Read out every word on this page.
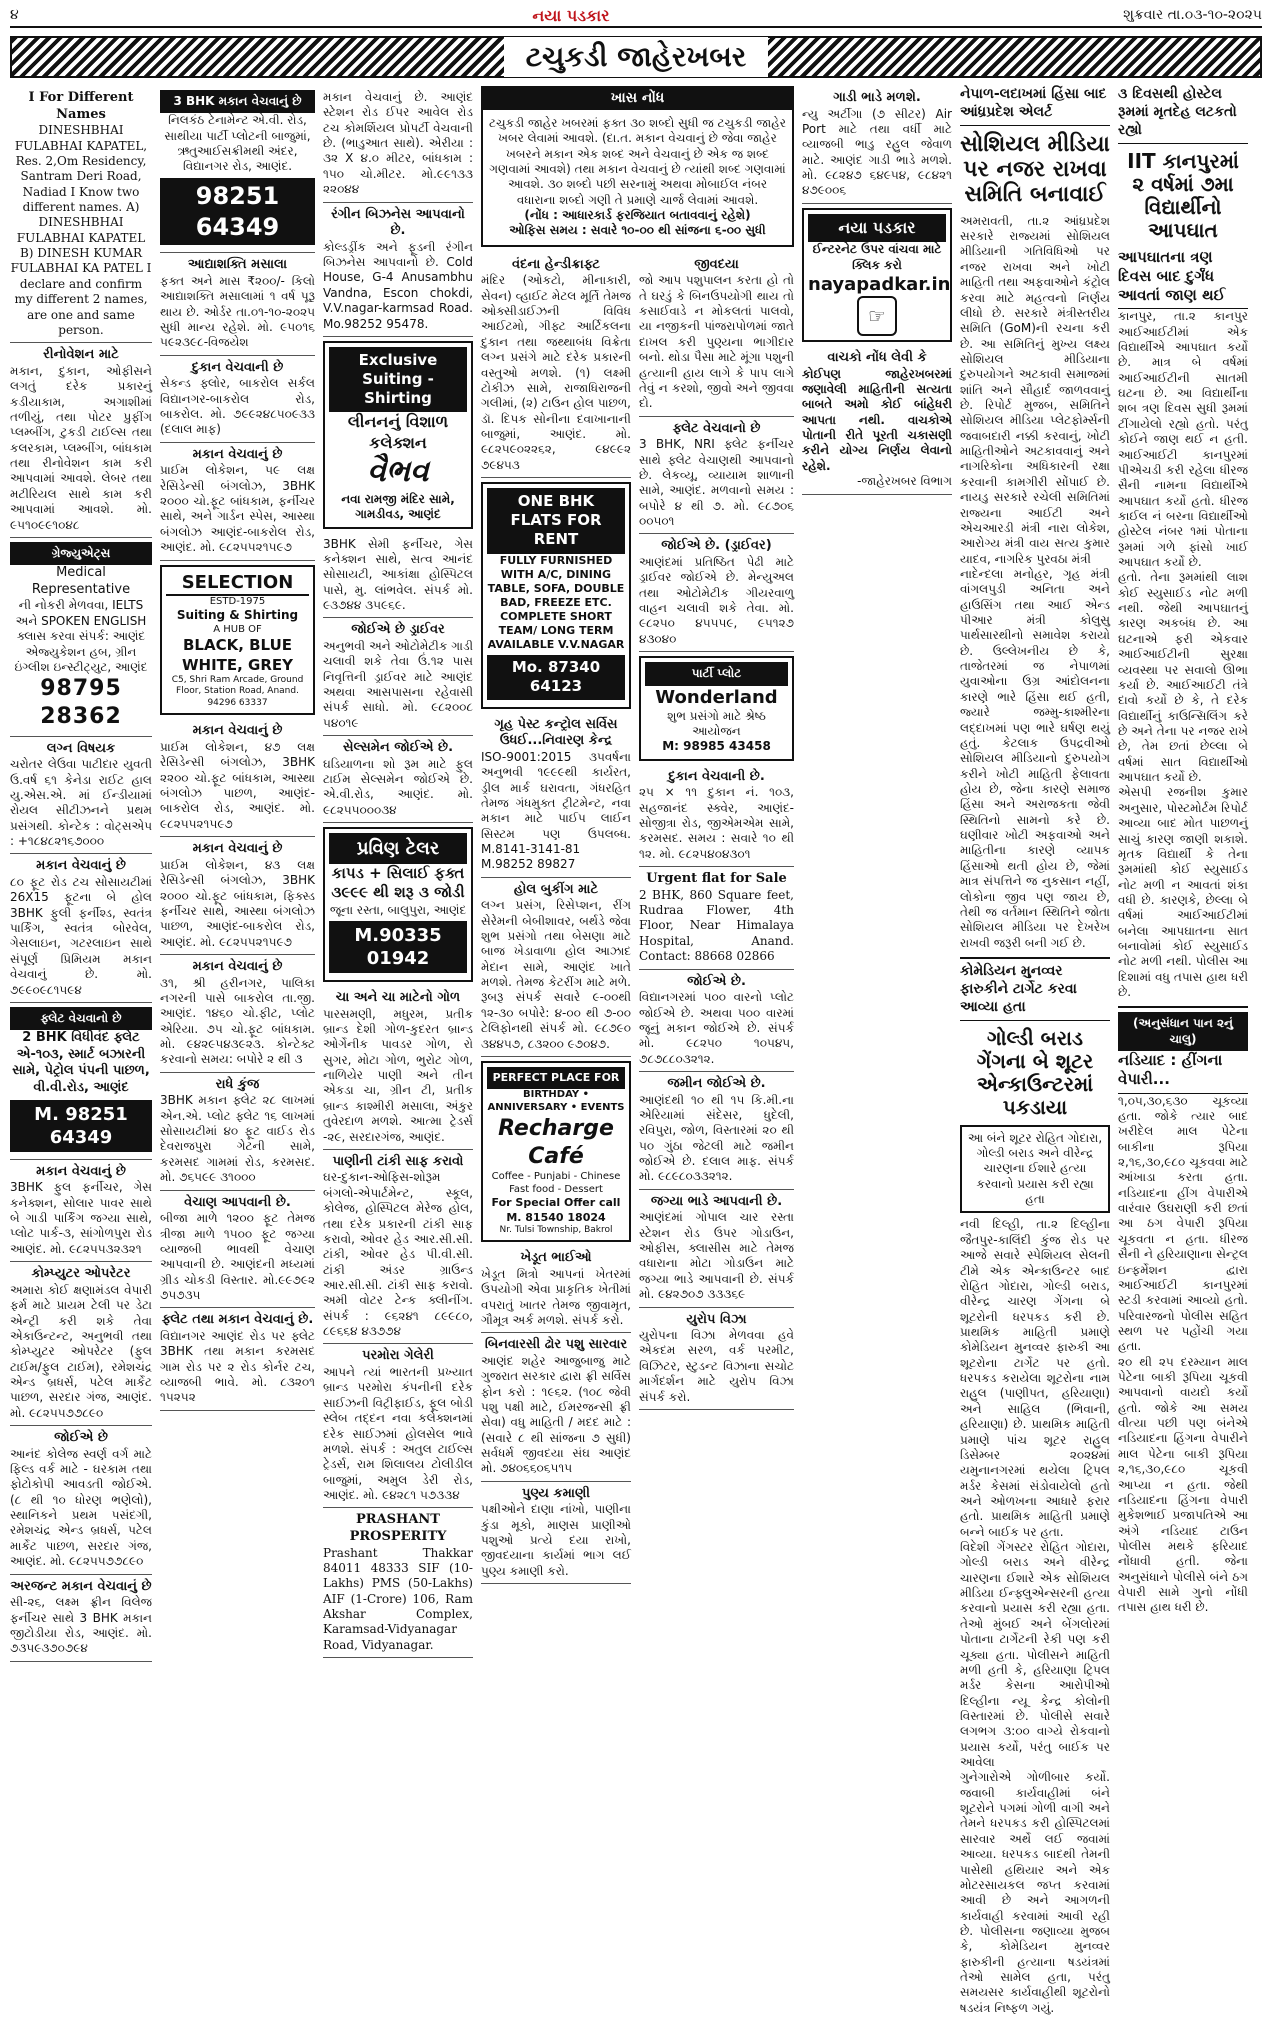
૪	નયા પડકાર	શુક્રવાર તા.૦૩-૧૦-૨૦૨૫
ટચુકડી જાહેરખબર
I For Different Names
DINESHBHAI FULABHAI KAPATEL, Res. 2,Om Residency, Santram Deri Road, Nadiad I Know two different names. A) DINESHBHAI FULABHAI KAPATEL B) DINESH KUMAR FULABHAI KA PATEL I declare and confirm my different 2 names, are one and same person.
રીનોવેશન માટે
મકાન, દુકાન, ઓફીસને લગતું દરેક પ્રકારનું કડીયાકામ, અગાશીમાં તળીયું, તથા પોટર પ્રુફીંગ પ્લમ્બીંગ, ટુકડી ટાઈલ્સ તથા કલરકામ, પ્લમ્બીંગ, બાંધકામ તથા રીનોવેશન કામ કરી આપવામાં આવશે. લેબર તથા મટીરિયલ સાથે કામ કરી આપવામાં આવશે. મો. ૯૫૧૦૯૯૧૦૪૮
ગ્રેજ્યુએટ્સ
Medical Representative
ની નોકરી મેળવવા, IELTS અને SPOKEN ENGLISH ક્લાસ કરવા સંપર્ક: આણંદ એજ્યુકેશન હબ, ગ્રીન ઇંગ્લીશ ઇન્સ્ટીટ્યુટ, આણંદ
98795 28362
લગ્ન વિષયક
ચરોતર લેઉવા પાટીદાર યુવતી ઉ.વર્ષ ૬૧ કેનેડા રાઈટ હાલ યુ.એસ.એ. માં ઈન્ડીયામાં રોયલ સીટીઝનને પ્રથમ પ્રસંગથી. કોન્ટેક : વોટ્સએપ : +૧૮૪૮૨૧૬૭૦૦૦
મકાન વેચવાનું છે
૮૦ ફૂટ રોડ ટચ સોસાયટીમાં 26X15 ફૂટના બે હોલ 3BHK ફુલી ફર્નીશ્ડ, સ્વતંત્ર પાર્કિંગ, સ્વતંત્ર બોરવેલ, ગેસલાઇન, ગટરલાઇન સાથે સંપૂર્ણ પ્રિમિયમ મકાન વેચવાનું છે. મો. ૭૯૯૦૯૮૧૫૯૪
ફ્લેટ વેચવાનો છે
2 BHK વિધીવંદ ફ્લેટ એ-૧૦૩, સ્માર્ટ બઝારની સામે, પેટ્રોલ પંપની પાછળ, વી.વી.રોડ, આણંદ
M. 98251 64349
મકાન વેચવાનું છે
3BHK ફુલ ફર્નીચર, ગેસ કનેક્શન, સોલાર પાવર સાથે બે ગાડી પાર્કિંગ જગ્યા સાથે, પ્લોટ પાર્ક-૩, સાંગોળપુરા રોડ આણંદ. મો. ૯૮૨૫૫૩૨૩૨૧
કોમ્પ્યુટર ઓપરેટર
અમારા કોઈ ક્ષણામંડલ વેપારી ફર્મ માટે પ્રાયમ ટેલી પર ડેટા એન્ટ્રી કરી શકે તેવા એકાઉન્ટન્ટ, અનુભવી તથા કોમ્પ્યુટર ઓપરેટર (ફુલ ટાઈમ/ફુલ ટાઈમ), રમેશચંદ્ર એન્ડ બ્રધર્સ, પટેલ માર્કેટ પાછળ, સરદાર ગંજ, આણંદ. મો. ૯૮૨૫૫૭૭૮૯૦
જોઈએ છે
આનંદ કોલેજ સ્વર્ણ વર્ગ માટે ફિલ્ડ વર્ક માટે - ઘરકામ તથા ફોટોકોપી આવડતી જોઈએ. (૮ થી ૧૦ ધોરણ ભણેલો), સ્થાનિકને પ્રથમ પસંદગી, રમેશચંદ્ર એન્ડ બ્રધર્સ, પટેલ માર્કેટ પાછળ, સરદાર ગંજ, આણંદ. મો. ૯૮૨૫૫૭૭૮૯૦
અરજન્ટ મકાન વેચવાનું છે
સી-૨૬, લક્ષ્મ ફ્રીન વિલેજ ફર્નીચર સાથે 3 BHK મકાન જીટોડીયા રોડ, આણંદ. મો. ૭૩૫૯૩૭૦૭૯૪
3 BHK મકાન વેચવાનું છે
નિલકંઠ ટેનામેન્ટ એ.વી. રોડ, સાથીયા પાર્ટી પ્લોટની બાજુમાં, ઋતુઆઈસક્રીમથી અંદર, વિદ્યાનગર રોડ, આણંદ.
98251 64349
આદ્યાશક્તિ મસાલા
ફક્ત અને માસ ₹૨૦૦/- કિલો આદ્યાશક્તિ મસાલામાં ૧ વર્ષ પૂરૂ થાય છે. ઓર્ડર તા.૦૧-૧૦-૨૦૨૫ સુધી માન્ય રહેશે. મો. ૯૫૦૧૬ ૫૯૨૩૯૮-વિજયેશ
દુકાન વેચવાની છે
સેકન્ડ ફ્લોર, બાકરોલ સર્કલ વિદ્યાનગર-બાકરોલ રોડ, બાકરોલ. મો. ૭૯૯૨૪૮૫૦૯૩૩ (દલાલ માફ)
મકાન વેચવાનું છે
પ્રાઈમ લોકેશન, ૫૯ લક્ષ રેસિડેન્સી બંગલોઝ, 3BHK ૨૦૦૦ ચો.ફૂટ બાંધકામ, ફર્નીચર સાથે, અને ગાર્ડન સ્પેસ, આસ્થા બંગલોઝ આણંદ-બાકરોલ રોડ, આણંદ. મો. ૯૮૨૫૫૨૧૫૯૭
SELECTION
ESTD-1975
Suiting & Shirting
A HUB OF
BLACK, BLUE WHITE, GREY
C5, Shri Ram Arcade, Ground Floor, Station Road, Anand. 94296 63337
મકાન વેચવાનું છે
પ્રાઈમ લોકેશન, ૪૭ લક્ષ રેસિડેન્સી બંગલોઝ, 3BHK ૨૨૦૦ ચો.ફૂટ બાંધકામ, આસ્થા બંગલોઝ પાછળ, આણંદ-બાકરોલ રોડ, આણંદ. મો. ૯૮૨૫૫૨૧૫૯૭
મકાન વેચવાનું છે
પ્રાઈમ લોકેશન, ૪૩ લક્ષ રેસિડેન્સી બંગલોઝ, 3BHK ૨૦૦૦ ચો.ફૂટ બાંધકામ, ફિક્સ્ડ ફર્નીચર સાથે, આસ્થા બંગલોઝ પાછળ, આણંદ-બાકરોલ રોડ, આણંદ. મો. ૯૮૨૫૫૨૧૫૯૭
મકાન વેચવાનું છે
૩૧, શ્રી હરીનગર, પાલિકા નગરની પાસે બાકરોલ તા.જી. આણંદ. ૧૪૬૦ ચો.ફીટ, પ્લોટ એરિયા. ૭૫ ચો.ફૂટ બાંધકામ. મો. ૯૪૨૯૫૪૩૯૨૩. કોન્ટેક્ટ કરવાનો સમય: બપોરે ૨ થી ૩
રાધે કુંજ
3BHK મકાન ફ્લેટ ૨૮ લાખમાં એન.એ. પ્લોટ ફ્લેટ ૧૬ લાખમાં સોસાયટીમાં ૪૦ ફૂટ વાઈડ રોડ દેવરાજપુરા ગેટની સામે, કરમસદ ગામમાં રોડ, કરમસદ. મો. ૭૬૫૯૯ ૩૧૦૦૦
વેચાણ આપવાની છે.
બીજા માળે ૧૨૦૦ ફૂટ તેમજ ત્રીજા માળે ૧૫૦૦ ફૂટ જગ્યા વ્યાજબી ભાવથી વેચાણ આપવાની છે. આણંદની મધ્યમાં ગ્રીડ ચોકડી વિસ્તાર. મો.૯૯૭૯૨ ૭૫૭૩૫
ફ્લેટ તથા મકાન વેચવાનું છે.
વિદ્યાનગર આણંદ રોડ પર ફ્લેટ 3BHK તથા મકાન કરમસદ ગામ રોડ પર ૨ રોડ કોર્નર ટચ, વ્યાજબી ભાવે. મો. ૮૩૨૦૧ ૧૫૨૫૨
મકાન વેચવાનું છે. આણંદ સ્ટેશન રોડ ઈપર આવેલ રોડ ટચ કોમર્શિયલ પ્રોપર્ટી વેચવાની છે. (ભાડુઆત સાથે). એરીયા : ૩૨ X ૪.૦ મીટર, બાંધકામ : ૧૫૦ ચો.મીટર. મો.૯૯૧૩૩ ૨૨૦૪૪
રંગીન બિઝનેસ આપવાનો છે.
કોલ્ડડ્રીંક અને ફૂડની રંગીન બિઝનેસ આપવાનો છે. Cold House, G-4 Anusambhu Vandna, Escon chokdi, V.V.nagar-karmsad Road. Mo.98252 95478.
Exclusive Suiting - Shirting
લીનનનું વિશાળ કલેક્શન
વૈભવ
નવા રામજી મંદિર સામે, ગામડીવડ, આણંદ
3BHK સેમી ફર્નીચર, ગેસ કનેક્શન સાથે, સત્વ આનંદ સોસાયટી, આકાંક્ષા હોસ્પિટલ પાસે, મુ. લાંભવેલ. સંપર્ક મો. ૯૩૭૪૪ ૩૫૯૬૯.
જોઈએ છે ડ્રાઈવર
અનુભવી અને ઓટોમેટીક ગાડી ચલાવી શકે તેવા ઉં.૧૨ પાસ નિવૃત્તિની ડ્રાઈવર માટે આણંદ અથવા આસપાસના રહેવાસી સંપર્ક સાધો. મો. ૯૮૨૦૦૮ ૫૪૦૧૯
સેલ્સમેન જોઈએ છે.
ઘડિયાળના શો રૂમ માટે ફુલ ટાઈમ સેલ્સમેન જોઈએ છે. એ.વી.રોડ, આણંદ. મો. ૯૮૨૫૫૦૦૦૩૪
પ્રવિણ ટેલર
કાપડ + સિલાઈ ફક્ત ૩૯૯૯ થી શરૂ ૩ જોડી
જૂના રસ્તા, બાલુપુરા, આણંદ
M.90335 01942
ચા અને ચા માટેનો ગોળ
પારસમણી, મધુરમ, પ્રતીક બ્રાન્ડ દેશી ગોળ-કુદરત બ્રાન્ડ ઓર્ગેનીક પાવડર ગોળ, રો સુગર, મોટા ગોળ, ભુરોટ ગોળ, નાળિયેર પાણી અને તીન એકડા ચા, ગ્રીન ટી, પ્રતીક બ્રાન્ડ કાશ્મીરી મસાલા, અંકુર તુવેરદાળ મળશે. આત્મા ટ્રેડર્સ -૨૯, સરદારગંજ, આણંદ.
પાણીની ટાંકી સાફ કરાવો
ઘર-દુકાન-ઓફિસ-શોરૂમ બંગલો-એપાર્ટમેન્ટ, સ્કૂલ, કોલેજ, હોસ્પિટલ મેરેજ હોલ, તથા દરેક પ્રકારની ટાંકી સાફ કરાવો, ઓવર હેડ આર.સી.સી. ટાંકી, ઓવર હેડ પી.વી.સી. ટાંકી અંડર ગ્રાઉન્ડ આર.સી.સી. ટાંકી સાફ કરાવો. અમી વોટર ટેન્ક ક્લીનીંગ. સંપર્ક : ૯૬૨૪૧ ૮૯૯૮૦, ૮૯૬૬૪ ૪૩૭૭૪
પરમોરા ગેલેરી
આપને ત્યાં ભારતની પ્રખ્યાત બ્રાન્ડ પરમોરા કંપનીની દરેક સાઈઝની વિટ્રીફાઈડ, ફૂલ બોડી સ્લેબ તદ્દન નવા કલેક્શનમાં દરેક સાઈઝમાં હોલસેલ ભાવે મળશે. સંપર્ક : અતુલ ટાઈલ્સ ટ્રેડર્સ, રામ શિલાલય ટોલીડીલ બાજુમાં, અમુલ ડેરી રોડ, આણંદ. મો. ૯૪૨૮૧ ૫૭૩૩૪
PRASHANT PROSPERITY
Prashant Thakkar 84011 48333 SIF (10-Lakhs) PMS (50-Lakhs) AIF (1-Crore) 106, Ram Akshar Complex, Karamsad-Vidyanagar Road, Vidyanagar.
ખાસ નોંધ
ટચુકડી જાહેર ખબરમાં ફક્ત ૩૦ શબ્દો સુધી જ ટચુકડી જાહેર ખબર લેવામાં આવશે. (દા.ત. મકાન વેચવાનું છે જેવા જાહેર ખબરને મકાન એક શબ્દ અને વેચવાનું છે એક જ શબ્દ ગણવામાં આવશે) તથા મકાન વેચવાનું છે ત્યાંથી શબ્દ ગણવામાં આવશે. ૩૦ શબ્દો પછી સરનામું અથવા મોબાઈલ નંબર વધારાના શબ્દો ગણી તે પ્રમાણે ચાર્જ લેવામાં આવશે.
(નોંધ : આધારકાર્ડ ફરજિયાત બતાવવાનું રહેશે)
ઓફિસ સમય : સવારે ૧૦-૦૦ થી સાંજના ૬-૦૦ સુધી
વંદના હેન્ડીક્રાફ્ટ
મંદિર (ઓકટો, મીનાકારી, સેવન) વ્હાઈટ મેટલ મૂર્તિ તેમજ ઓક્સીડાઈઝની વિવિધ આઈટમો, ગીફ્ટ આર્ટિકલના દુકાન તથા જથ્થાબંધ વિક્રેતા લગ્ન પ્રસંગે માટે દરેક પ્રકારની વસ્તુઓ મળશે. (૧) લક્ષ્મી ટોકીઝ સામે, રાજાધિરાજની ગલીમાં, (૨) ટાઉન હોલ પાછળ, ડૉ. દિપક સોનીના દવાખાનાની બાજુમાં, આણંદ. મો. ૯૮૨૫૯૦૨૨૬૨, ૯૪૯૯૨ ૭૯૪૫૩
ONE BHK FLATS FOR RENT
FULLY FURNISHED WITH A/C, DINING TABLE, SOFA, DOUBLE BAD, FREEZE ETC. COMPLETE SHORT TEAM/ LONG TERM AVAILABLE V.V.NAGAR
Mo. 87340 64123
ગૃહ પેસ્ટ કન્ટ્રોલ સર્વિસ ઉધઈ...નિવારણ કેન્દ્ર
ISO-9001:2015 ૩૫વર્ષના અનુભવી ૧૯૯૯થી કાર્યરત, ડ્રીલ માર્ક ઘરાવતા, ગંધરહિત તેમજ ગંધમુક્ત ટ્રીટમેન્ટ, નવા મકાન માટે પાઈપ લાઈન સિસ્ટમ પણ ઉપલબ્ધ. M.8141-3141-81 M.98252 89827
હોલ બુકીંગ માટે
લગ્ન પ્રસંગ, રિસેપ્શન, રીંગ સેરેમની બેબીશાવર, બર્થડે જેવા શુભ પ્રસંગો તથા બેસણા માટે બાજ ખેડાવાળા હોલ આઝાદ મેદાન સામે, આણંદ ખાતે મળશે. તેમજ કેટરીંગ માટે મળે. રૂબરૂ સંપર્ક સવારે ૯-૦૦થી ૧૨-૩૦ બપોરે: ૪-૦૦ થી ૭-૦૦ ટેલિફોનથી સંપર્ક મો. ૯૮૭૯૦ ૩૪૪૫૭, ૮૩૨૦૦ ૯૭૦૪૭.
PERFECT PLACE FOR
BIRTHDAY • ANNIVERSARY • EVENTS
Recharge Café
Coffee - Punjabi - Chinese Fast food - Dessert
For Special Offer call M. 81540 18024
Nr. Tulsi Township, Bakrol
ખેડૂત ભાઈઓ
ખેડૂત મિત્રો આપનાં ખેતરમાં ઉપયોગી એવા પ્રાકૃતિક ખેતીમાં વપરાતું ખાતર તેમજ જીવામૃત, ગૌમૂત્ર અર્ક મળશે. સંપર્ક કરો.
બિનવારસી ઢોર પશુ સારવાર
આણંદ શહેર આજુબાજુ માટે ગુજરાત સરકાર દ્વારા ફ્રી સર્વિસ ફોન કરો : ૧૯૬૨. (૧૦૮ જેવી પશુ પક્ષી માટે, ઈમરજન્સી ફ્રી સેવા) વધુ માહિતી / મદદ માટે : (સવારે ૮ થી સાંજના ૭ સુધી) સર્વધર્મ જીવદયા સંઘ આણંદ મો. ૭૪૦૬૬૦૬૫૧૫
પુણ્ય કમાણી
પક્ષીઓને દાણા નાંખો, પાણીના કુંડા મૂકો, માણસ પ્રાણીઓ પશુઓ પ્રત્યે દયા રાખો, જીવદયાના કાર્યમાં ભાગ લઈ પુણ્ય કમાણી કરો.
જીવદયા
જો આપ પશુપાલન કરતા હો તો તે ઘરડું કે બિનઉપયોગી થાય તો કસાઈવાડે ન મોકલતાં પાલવો, યા નજીકની પાંજરાપોળમાં જાતે દાખલ કરી પુણ્યના ભાગીદાર બનો. થોડા પૈસા માટે મૂંગા પશુની હત્યાની હાય લાગે કે પાપ લાગે તેવું ન કરશો, જીવો અને જીવવા દો.
ફ્લેટ વેચવાનો છે
3 BHK, NRI ફ્લેટ ફર્નીચર સાથે ફ્લેટ વેચાણથી આપવાનો છે. લેકવ્યૂ, વ્યાયામ શાળાની સામે, આણંદ. મળવાનો સમય : બપોરે ૪ થી ૭. મો. ૯૮૭૦૬ ૦૦૫૦૧
જોઈએ છે. (ડ્રાઈવર)
આણંદમાં પ્રતિષ્ઠિત પેઢી માટે ડ્રાઈવર જોઈએ છે. મેન્યુઅલ તથા ઓટોમેટીક ગીયરવાળુ વાહન ચલાવી શકે તેવા. મો. ૯૮૨૫૦ ૪૫૫૫૯, ૯૫૧૨૭ ૪૩૦૪૦
પાર્ટી પ્લોટ
Wonderland
શુભ પ્રસંગો માટે શ્રેષ્ઠ આયોજન
M: 98985 43458
દુકાન વેચવાની છે.
૨૫ × ૧૧ દુકાન નં. ૧૦૩, સહજાનંદ સ્ક્વેર, આણંદ-સોજીત્રા રોડ, જીએમએમ સામે, કરમસદ. સમય : સવારે ૧૦ થી ૧૨. મો. ૯૮૨૫૪૦૪૩૦૧
Urgent flat for Sale
2 BHK, 860 Square feet, Rudraa Flower, 4th Floor, Near Himalaya Hospital, Anand. Contact: 88668 02866
જોઈએ છે.
વિદ્યાનગરમાં ૫૦૦ વારનો પ્લોટ જોઈએ છે. અથવા ૫૦૦ વારમાં જૂનું મકાન જોઈએ છે. સંપર્ક મો. ૯૮૨૫૦ ૧૦૫૪૫, ૭૮૭૮૮૦૩૨૧૨.
જમીન જોઈએ છે.
આણંદથી ૧૦ થી ૧૫ કિ.મી.ના એરિયામાં સંદેસર, ધુદેલી, રવિપુરા, જોળ, વિસ્તારમાં ૨૦ થી ૫૦ ગુંઠા જેટલી માટે જમીન જોઈએ છે. દલાલ માફ. સંપર્ક મો. ૯૮૯૮૦૩૩૨૧૨.
જગ્યા ભાડે આપવાની છે.
આણંદમાં ગોપાલ ચાર રસ્તા સ્ટેશન રોડ ઉપર ગોડાઉન, ઓફીસ, ક્લાસીસ માટે તેમજ વધારાના મોટા ગોડાઉન માટે જગ્યા ભાડે આપવાની છે. સંપર્ક મો. ૯૪૨૭૦૭ ૩૩૩૬૯
યુરોપ વિઝા
યુરોપના વિઝા મેળવવા હવે એકદમ સરળ, વર્ક પરમીટ, વિઝિટર, સ્ટુડન્ટ વિઝાના સચોટ માર્ગદર્શન માટે યુરોપ વિઝા સંપર્ક કરો.
ગાડી ભાડે મળશે.
ન્યુ અર્ટીગા (૭ સીટર) Air Port માટે તથા વર્ધી માટે વ્યાજબી ભાડુ રહુલ જેવાળ માટે. આણંદ ગાડી ભાડે મળશે. મો. ૯૮૨૪૭ ૬૪૯૫૪, ૯૮૪૨૧ ૪૭૯૦૦૬
નયા પડકાર
ઈન્ટરનેટ ઉપર વાંચવા માટે ક્લિક કરો
nayapadkar.in
☞
વાચકો નોંધ લેવી કે
કોઈપણ જાહેરખબરમાં જણાવેલી માહિતીની સત્યતા બાબતે અમો કોઈ બાંહેધરી આપતા નથી. વાચકોએ પોતાની રીતે પૂરતી ચકાસણી કરીને યોગ્ય નિર્ણય લેવાનો રહેશે.
-જાહેરખબર વિભાગ
નેપાળ-લદાખમાં હિંસા બાદ આંધ્રપ્રદેશ એલર્ટ
સોશિયલ મીડિયા પર નજર રાખવા સમિતિ બનાવાઈ
અમરાવતી, તા.૨ આંધ્રપ્રદેશ સરકારે રાજ્યમાં સોશિયલ મીડિયાની ગતિવિધિઓ પર નજર રાખવા અને ખોટી માહિતી તથા અફવાઓને કંટ્રોલ કરવા માટે મહત્વનો નિર્ણય લીધો છે. સરકારે મંત્રીસ્તરીય સમિતિ (GoM)ની રચના કરી છે. આ સમિતિનું મુખ્ય લક્ષ્ય સોશિયલ મીડિયાના દુરુપયોગને અટકાવી સમાજમાં શાંતિ અને સૌહાર્દ જાળવવાનું છે. રિપોર્ટ મુજબ, સમિતિને સોશિયલ મીડિયા પ્લેટફોર્મ્સની જવાબદારી નક્કી કરવાનું, ખોટી માહિતીઓને અટકાવવાનું અને નાગરિકોના અધિકારની રક્ષા કરવાની કામગીરી સોંપાઈ છે. નાયડુ સરકારે રચેલી સમિતિમાં રાજ્યના આઈટી અને એચઆરડી મંત્રી નારા લોકેશ, આરોગ્ય મંત્રી વાય સત્ય કુમાર યાદવ, નાગરિક પુરવઠા મંત્રી
નાદેન્દલા મનોહર, ગૃહ મંત્રી વાંગલપુડી અનિતા અને હાઉસિંગ તથા આઈ એન્ડ પીઆર મંત્રી કોલુસુ પાર્થસારથીનો સમાવેશ કરાયો છે. ઉલ્લેખનીય છે કે, તાજેતરમાં જ નેપાળમાં યુવાઓના ઉગ્ર આંદોલનના કારણે ભારે હિંસા થઈ હતી, જ્યારે જમ્મુ-કાશ્મીરના લદ્દાખમાં પણ ભારે ઘર્ષણ થયું હતું. કેટલાક ઉપદ્રવીઓ સોશિયલ મીડિયાનો દુરુપયોગ કરીને ખોટી માહિતી ફેલાવતા હોય છે, જેના કારણે સમાજ હિંસા અને અરાજકતા જેવી સ્થિતિનો સામનો કરે છે. ઘણીવાર ખોટી અફવાઓ અને માહિતીના કારણે વ્યાપક હિંસાઓ થતી હોય છે, જેમાં માત્ર સંપત્તિને જ નુકસાન નહીં, લોકોના જીવ પણ જાય છે, તેથી જ વર્તમાન સ્થિતિને જોતા સોશિયલ મીડિયા પર દેખરેખ રાખવી જરૂરી બની ગઈ છે.
કોમેડિયન મુનવ્વર ફારુકીને ટાર્ગેટ કરવા આવ્યા હતા
ગોલ્ડી બરાડ ગેંગના બે શૂટર એન્કાઉન્ટરમાં પકડાયા
આ બંને શૂટર રોહિત ગોદારા, ગોલ્ડી બરાડ અને વીરેન્દ્ર ચારણના ઈશારે હત્યા કરવાનો પ્રયાસ કરી રહ્યા હતા
નવી દિલ્હી, તા.૨ દિલ્હીના જૈતપુર-કાલિંદી કુંજ રોડ પર આજે સવારે સ્પેશિયલ સેલની ટીમે એક એન્કાઉન્ટર બાદ રોહિત ગોદારા, ગોલ્ડી બરાડ, વીરેન્દ્ર ચારણ ગેંગના બે શૂટરોની ધરપકડ કરી છે. પ્રાથમિક માહિતી પ્રમાણે કોમેડિયન મુનવ્વર ફારુકી આ શૂટરોના ટાર્ગેટ પર હતો. ધરપકડ કરાયેલા શૂટરોના નામ રાહુલ (પાણીપત, હરિયાણા) અને સાહિલ (ભિવાની, હરિયાણા) છે. પ્રાથમિક માહિતી પ્રમાણે પાંચ શૂટર રાહુલ ડિસેમ્બર ૨૦૨૪માં યમુનાનગરમાં થયેલા ટ્રિપલ મર્ડર કેસમાં સંડોવાયેલો હતો અને ઓળખના આધારે ફરાર હતો. પ્રાથમિક માહિતી પ્રમાણે બન્ને બાઈક પર હતા.
વિદેશી ગેંગસ્ટર રોહિત ગોદારા, ગોલ્ડી બરાડ અને વીરેન્દ્ર ચારણના ઈશારે એક સોશિયલ મીડિયા ઈન્ફ્લુએન્સરની હત્યા કરવાનો પ્રયાસ કરી રહ્યા હતા. તેઓ મુંબઈ અને બેંગલોરમાં પોતાના ટાર્ગેટની રેકી પણ કરી ચૂક્યા હતા. પોલીસને માહિતી મળી હતી કે, હરિયાણા ટ્રિપલ મર્ડર કેસના આરોપીઓ દિલ્હીના ન્યૂ કેન્દ્ર કોલોની વિસ્તારમાં છે. પોલીસે સવારે લગભગ ૩:૦૦ વાગ્યે રોકવાનો પ્રયાસ કર્યો, પરંતુ બાઈક પર આવેલા
ગુનેગારોએ ગોળીબાર કર્યો. જવાબી કાર્યવાહીમાં બંને શૂટરોને પગમાં ગોળી વાગી અને તેમને ધરપકડ કરી હોસ્પિટલમાં સારવાર અર્થે લઈ જવામાં આવ્યા. ધરપકડ બાદથી તેમની પાસેથી હથિયાર અને એક મોટરસાયકલ જપ્ત કરવામાં આવી છે અને આગળની કાર્યવાહી કરવામાં આવી રહી છે. પોલીસના જણાવ્યા મુજબ કે, કોમેડિયન મુનવ્વર ફારુકીની હત્યાના ષડયંત્રમાં તેઓ સામેલ હતા, પરંતુ સમયસર કાર્યવાહીથી શૂટરોનો ષડયંત્ર નિષ્ફળ ગયું.
૩ દિવસથી હોસ્ટેલ રૂમમાં મૃતદેહ લટકતો રહ્યો
IIT કાનપુરમાં ૨ વર્ષમાં ૭મા વિદ્યાર્થીનો આપઘાત
આપઘાતના ત્રણ દિવસ બાદ દુર્ગંધ આવતાં જાણ થઈ
કાનપુર, તા.૨ કાનપુર આઈઆઈટીમાં એક વિદ્યાર્થીએ આપઘાત કર્યો છે. માત્ર બે વર્ષમાં આઈઆઈટીની સાતમી ઘટના છે. આ વિદ્યાર્થીના શબ ત્રણ દિવસ સુધી રૂમમાં ટીંગાયેલો રહ્યો હતો. પરંતુ કોઈને જાણ થઈ ન હતી. આઈઆઈટી કાનપુરમાં પીએચડી કરી રહેલા ધીરજ સૈની નામના વિદ્યાર્થીએ આપઘાત કર્યો હતો. ધીરજ કાઈલ નં બરના વિદ્યાર્થીઓ હોસ્ટેલ નંબર ૧માં પોતાના રૂમમાં ગળે ફાંસો ખાઈ આપઘાત કર્યો છે.
હતો. તેના રૂમમાંથી લાશ કોઈ સ્યુસાઈડ નોટ મળી નથી. જેથી આપઘાતનું કારણ અકબંધ છે. આ ઘટનાએ ફરી એકવાર આઈઆઈટીની સુરક્ષા વ્યવસ્થા પર સવાલો ઊભા કર્યા છે. આઈઆઈટી તંત્રે દાવો કર્યો છે કે, તે દરેક વિદ્યાર્થીનું કાઉન્સિલિંગ કરે છે અને તેના પર નજર રાખે છે, તેમ છતાં છેલ્લા બે વર્ષમાં સાત વિદ્યાર્થીઓ આપઘાત કર્યો છે.
એસપી રજનીશ કુમાર અનુસાર, પોસ્ટમોર્ટમ રિપોર્ટ આવ્યા બાદ મોત પાછળનું સાચું કારણ જાણી શકાશે. મૃતક વિદ્યાર્થી કે તેના રૂમમાંથી કોઈ સ્યુસાઈડ નોટ મળી ન આવતાં શંકા વધી છે. કારણકે, છેલ્લા બે વર્ષમાં આઈઆઈટીમાં બનેલા આપઘાતના સાત બનાવોમાં કોઈ સ્યુસાઈડ નોટ મળી નથી. પોલીસ આ દિશામાં વધુ તપાસ હાથ ધરી છે.
(અનુસંધાન પાન ૨નું ચાલુ)
નડિયાદ : હીંગના વેપારી...
૧,૦૫,૩૦,૬૩૦ ચૂકવ્યા હતા. જોકે ત્યાર બાદ ખરીદેલ માલ પેટેના બાકીના રૂપિયા ૨,૧૬,૩૦,૯૮૦ ચૂકવવા માટે આંખાડા કરતા હતા. નડિયાદના હીંગ વેપારીએ વારંવાર ઉઘરાણી કરી છતાં આ ઠગ વેપારી રૂપિયા ચૂકવતા ન હતા. ધીરજ સૈની ને હરિયાણાના સેન્ટ્રલ ઇન્ફર્મેશન દ્વારા આઈઆઈટી કાનપુરમાં સ્ટડી કરવામાં આવ્યો હતો. પરિવારજનો પોલીસ સહિત સ્થળ પર પહોંચી ગયા હતા.
૨૦ થી ૨૫ દરમ્યાન માલ પેટેના બાકી રૂપિયા ચૂકવી આપવાનો વાયદો કર્યો હતો. જોકે આ સમય વીત્યા પછી પણ બંનેએ નડિયાદના હિંગના વેપારીને માલ પેટેના બાકી રૂપિયા ૨,૧૬,૩૦,૯૮૦ ચૂકવી આપ્યા ન હતા. જેથી નડિયાદના હિંગના વેપારી મુકેશભાઈ પ્રજાપતિએ આ અંગે નડિયાદ ટાઉન પોલીસ મથકે ફરિયાદ નોંધાવી હતી. જેના અનુસંધાને પોલીસે બંને ઠગ વેપારી સામે ગુનો નોંધી તપાસ હાથ ધરી છે.
